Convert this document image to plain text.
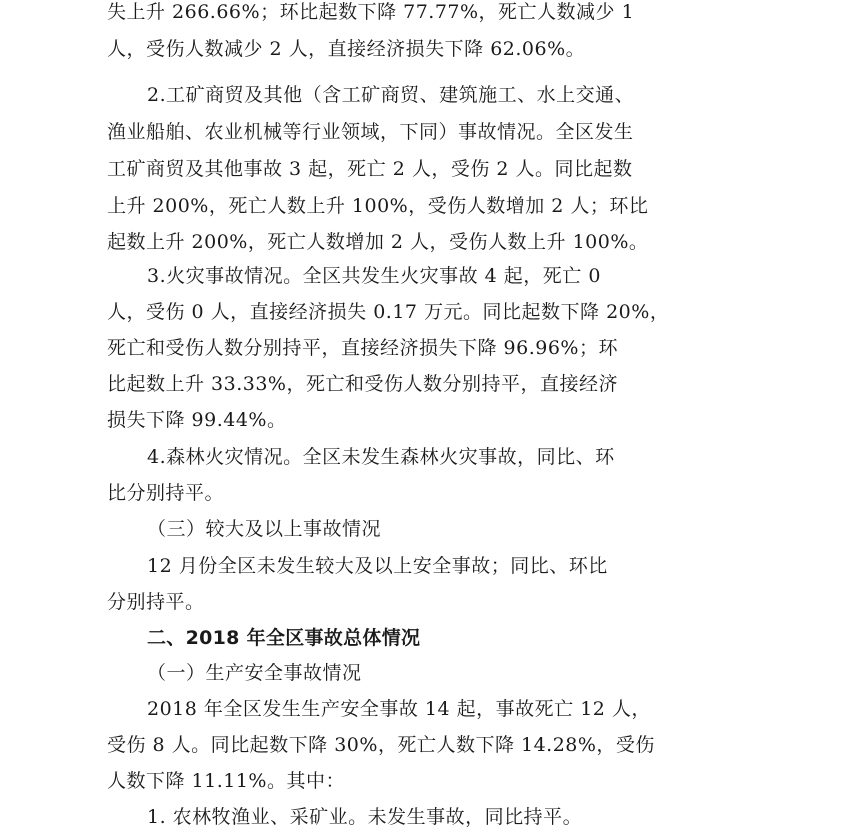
失上升 266.66%；环比起数下降 77.77%，死亡人数减少 1
人，受伤人数减少 2 人，直接经济损失下降 62.06%。
2.工矿商贸及其他（含工矿商贸、建筑施工、水上交通、
渔业船舶、农业机械等行业领域，下同）事故情况。全区发生
工矿商贸及其他事故 3 起，死亡 2 人，受伤 2 人。同比起数
上升 200%，死亡人数上升 100%，受伤人数增加 2 人；环比
起数上升 200%，死亡人数增加 2 人，受伤人数上升 100%。
3.火灾事故情况。全区共发生火灾事故 4 起，死亡 0
人，受伤 0 人，直接经济损失 0.17 万元。同比起数下降 20%，
死亡和受伤人数分别持平，直接经济损失下降 96.96%；环
比起数上升 33.33%，死亡和受伤人数分别持平，直接经济
损失下降 99.44%。
4.森林火灾情况。全区未发生森林火灾事故，同比、环
比分别持平。
（三）较大及以上事故情况
12 月份全区未发生较大及以上安全事故；同比、环比
分别持平。
二、2018 年全区事故总体情况
（一）生产安全事故情况
2018 年全区发生生产安全事故 14 起，事故死亡 12 人，
受伤 8 人。同比起数下降 30%，死亡人数下降 14.28%，受伤
人数下降 11.11%。其中：
1. 农林牧渔业、采矿业。未发生事故，同比持平。
